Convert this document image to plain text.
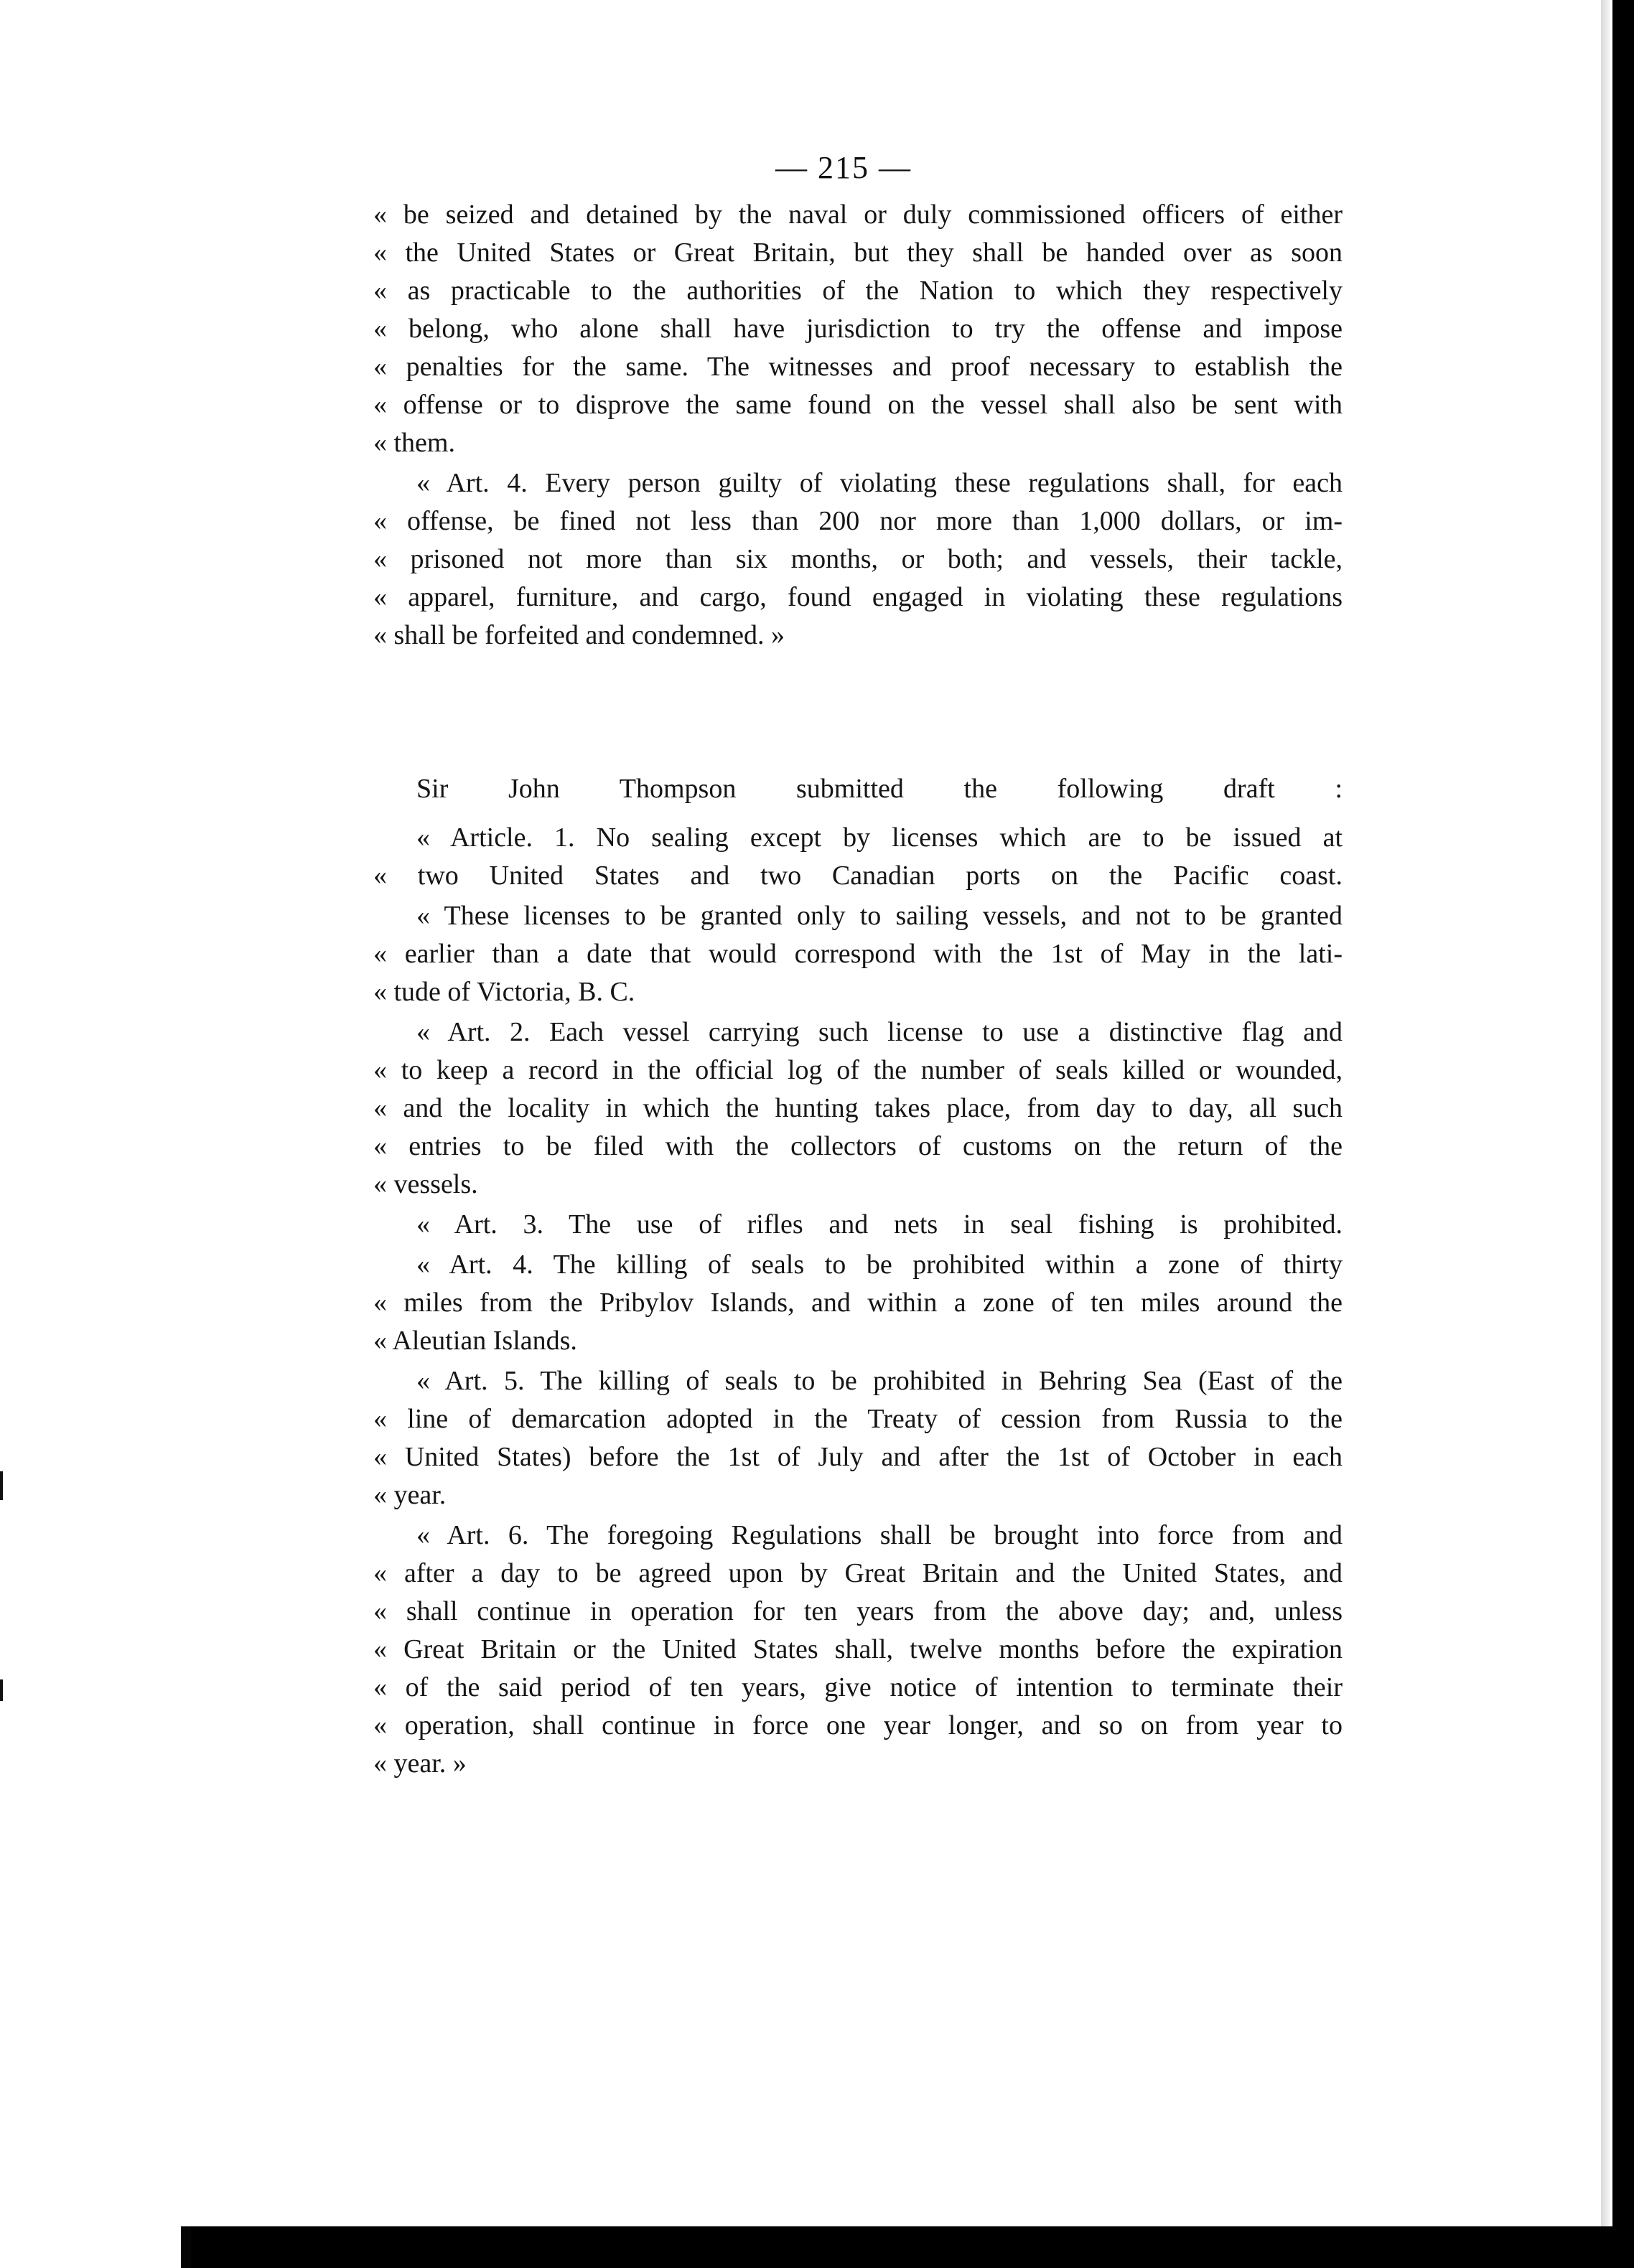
— 215 —
« be seized and detained by the naval or duly commissioned officers of either
« the United States or Great Britain, but they shall be handed over as soon
« as practicable to the authorities of the Nation to which they respectively
« belong, who alone shall have jurisdiction to try the offense and impose
« penalties for the same. The witnesses and proof necessary to establish the
« offense or to disprove the same found on the vessel shall also be sent with
« them.
« Art. 4. Every person guilty of violating these regulations shall, for each
« offense, be fined not less than 200 nor more than 1,000 dollars, or im-
« prisoned not more than six months, or both; and vessels, their tackle,
« apparel, furniture, and cargo, found engaged in violating these regulations
« shall be forfeited and condemned. »
Sir John Thompson submitted the following draft :
« Article. 1. No sealing except by licenses which are to be issued at
« two United States and two Canadian ports on the Pacific coast.
« These licenses to be granted only to sailing vessels, and not to be granted
« earlier than a date that would correspond with the 1st of May in the lati-
« tude of Victoria, B. C.
« Art. 2. Each vessel carrying such license to use a distinctive flag and
« to keep a record in the official log of the number of seals killed or wounded,
« and the locality in which the hunting takes place, from day to day, all such
« entries to be filed with the collectors of customs on the return of the
« vessels.
« Art. 3. The use of rifles and nets in seal fishing is prohibited.
« Art. 4. The killing of seals to be prohibited within a zone of thirty
« miles from the Pribylov Islands, and within a zone of ten miles around the
« Aleutian Islands.
« Art. 5. The killing of seals to be prohibited in Behring Sea (East of the
« line of demarcation adopted in the Treaty of cession from Russia to the
« United States) before the 1st of July and after the 1st of October in each
« year.
« Art. 6. The foregoing Regulations shall be brought into force from and
« after a day to be agreed upon by Great Britain and the United States, and
« shall continue in operation for ten years from the above day; and, unless
« Great Britain or the United States shall, twelve months before the expiration
« of the said period of ten years, give notice of intention to terminate their
« operation, shall continue in force one year longer, and so on from year to
« year. »
